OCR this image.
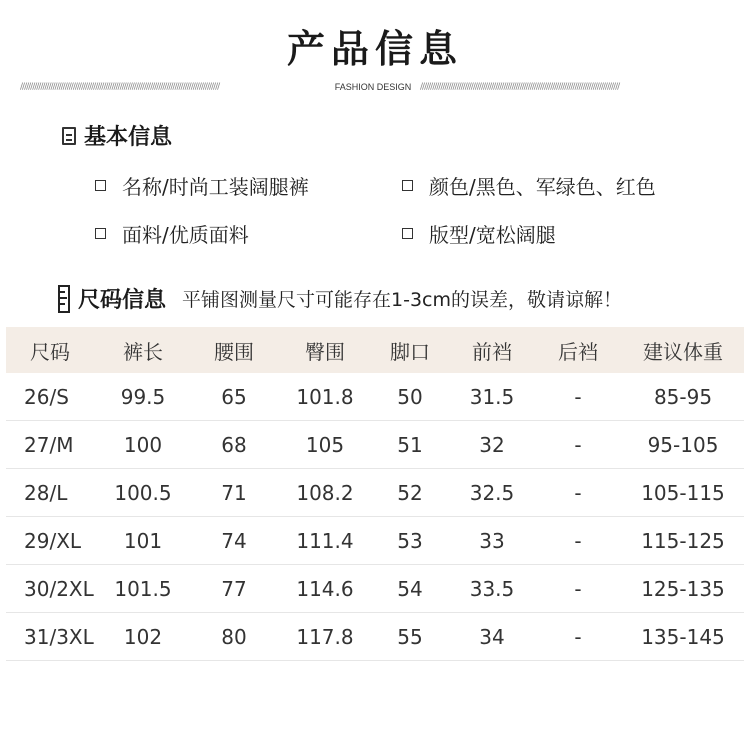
产品信息
//////////////////////////////////////////////////////////////////////////////////////////////////	FASHION DESIGN //////////////////////////////////////////////////////////////////////////////////////////////////
基本信息
名称/时尚工装阔腿裤	颜色/黑色、军绿色、红色
面料/优质面料	版型/宽松阔腿
尺码信息 平铺图测量尺寸可能存在1-3cm的误差，敬请谅解！
尺码	裤长	腰围	臀围	脚口	前裆	后裆	建议体重
26/S	99.5	65	101.8	50	31.5	-	85-95
27/M	100	68	105	51	32	-	95-105
28/L	100.5	71	108.2	52	32.5	-	105-115
29/XL	101	74	111.4	53	33	-	115-125
30/2XL	101.5	77	114.6	54	33.5	-	125-135
31/3XL	102	80	117.8	55	34	-	135-145
